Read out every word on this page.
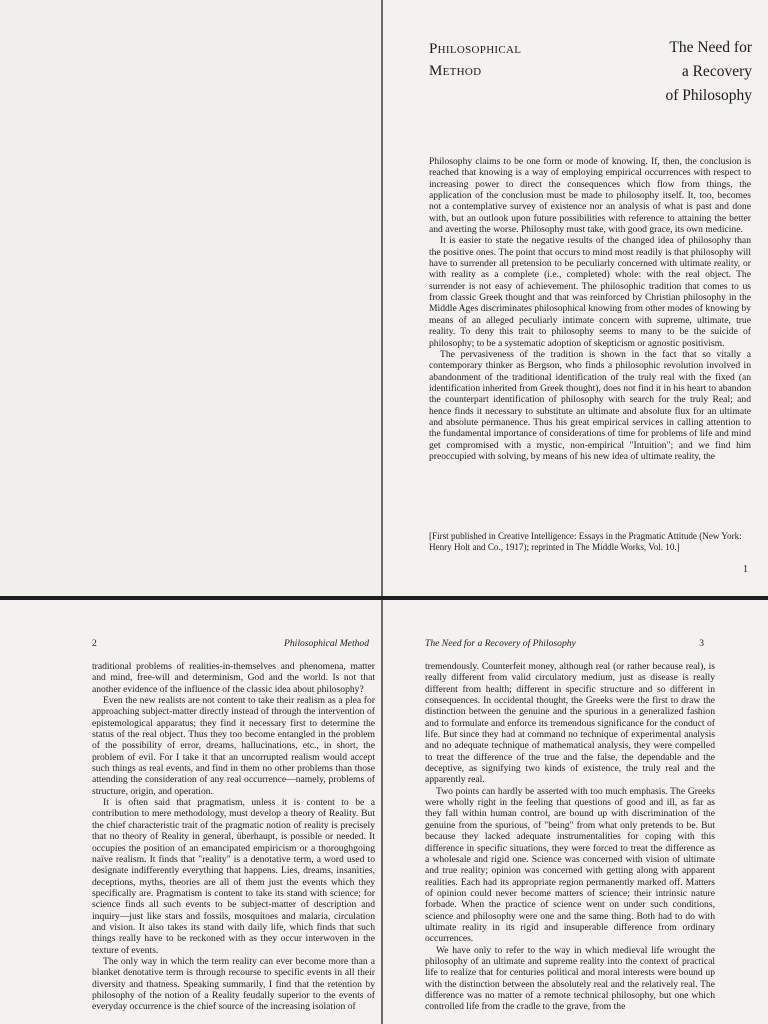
Philosophical
Method
The Need for
a Recovery
of Philosophy

Philosophy claims to be one form or mode of knowing. If, then, the conclusion is reached that knowing is a way of employing empirical occurrences with respect to increasing power to direct the consequences which flow from things, the application of the conclusion must be made to philosophy itself. It, too, becomes not a contemplative survey of existence nor an analysis of what is past and done with, but an outlook upon future possibilities with reference to attaining the better and averting the worse. Philosophy must take, with good grace, its own medicine.

It is easier to state the negative results of the changed idea of philosophy than the positive ones. The point that occurs to mind most readily is that philosophy will have to surrender all pretension to be peculiarly concerned with ultimate reality, or with reality as a complete (i.e., completed) whole: with the real object. The surrender is not easy of achievement. The philosophic tradition that comes to us from classic Greek thought and that was reinforced by Christian philosophy in the Middle Ages discriminates philosophical knowing from other modes of knowing by means of an alleged peculiarly intimate concern with supreme, ultimate, true reality. To deny this trait to philosophy seems to many to be the suicide of philosophy; to be a systematic adoption of skepticism or agnostic positivism.

The pervasiveness of the tradition is shown in the fact that so vitally a contemporary thinker as Bergson, who finds a philosophic revolution involved in abandonment of the traditional identification of the truly real with the fixed (an identification inherited from Greek thought), does not find it in his heart to abandon the counterpart identification of philosophy with search for the truly Real; and hence finds it necessary to substitute an ultimate and absolute flux for an ultimate and absolute permanence. Thus his great empirical services in calling attention to the fundamental importance of considerations of time for problems of life and mind get compromised with a mystic, non-empirical "Intuition"; and we find him preoccupied with solving, by means of his new idea of ultimate reality, the

[First published in Creative Intelligence: Essays in the Pragmatic Attitude (New York: Henry Holt and Co., 1917); reprinted in The Middle Works, Vol. 10.]

1
2	Philosophical Method

traditional problems of realities-in-themselves and phenomena, matter and mind, free-will and determinism, God and the world. Is not that another evidence of the influence of the classic idea about philosophy?

Even the new realists are not content to take their realism as a plea for approaching subject-matter directly instead of through the intervention of epistemological apparatus; they find it necessary first to determine the status of the real object. Thus they too become entangled in the problem of the possibility of error, dreams, hallucinations, etc., in short, the problem of evil. For I take it that an uncorrupted realism would accept such things as real events, and find in them no other problems than those attending the consideration of any real occurrence—namely, problems of structure, origin, and operation.

It is often said that pragmatism, unless it is content to be a contribution to mere methodology, must develop a theory of Reality. But the chief characteristic trait of the pragmatic notion of reality is precisely that no theory of Reality in general, überhaupt, is possible or needed. It occupies the position of an emancipated empiricism or a thoroughgoing naïve realism. It finds that "reality" is a denotative term, a word used to designate indifferently everything that happens. Lies, dreams, insanities, deceptions, myths, theories are all of them just the events which they specifically are. Pragmatism is content to take its stand with science; for science finds all such events to be subject-matter of description and inquiry—just like stars and fossils, mosquitoes and malaria, circulation and vision. It also takes its stand with daily life, which finds that such things really have to be reckoned with as they occur interwoven in the texture of events.

The only way in which the term reality can ever become more than a blanket denotative term is through recourse to specific events in all their diversity and thatness. Speaking summarily, I find that the retention by philosophy of the notion of a Reality feudally superior to the events of everyday occurrence is the chief source of the increasing isolation of

The Need for a Recovery of Philosophy	3

tremendously. Counterfeit money, although real (or rather because real), is really different from valid circulatory medium, just as disease is really different from health; different in specific structure and so different in consequences. In occidental thought, the Greeks were the first to draw the distinction between the genuine and the spurious in a generalized fashion and to formulate and enforce its tremendous significance for the conduct of life. But since they had at command no technique of experimental analysis and no adequate technique of mathematical analysis, they were compelled to treat the difference of the true and the false, the dependable and the deceptive, as signifying two kinds of existence, the truly real and the apparently real.

Two points can hardly be asserted with too much emphasis. The Greeks were wholly right in the feeling that questions of good and ill, as far as they fall within human control, are bound up with discrimination of the genuine from the spurious, of "being" from what only pretends to be. But because they lacked adequate instrumentalities for coping with this difference in specific situations, they were forced to treat the difference as a wholesale and rigid one. Science was concerned with vision of ultimate and true reality; opinion was concerned with getting along with apparent realities. Each had its appropriate region permanently marked off. Matters of opinion could never become matters of science; their intrinsic nature forbade. When the practice of science went on under such conditions, science and philosophy were one and the same thing. Both had to do with ultimate reality in its rigid and insuperable difference from ordinary occurrences.

We have only to refer to the way in which medieval life wrought the philosophy of an ultimate and supreme reality into the context of practical life to realize that for centuries political and moral interests were bound up with the distinction between the absolutely real and the relatively real. The difference was no matter of a remote technical philosophy, but one which controlled life from the cradle to the grave, from the
